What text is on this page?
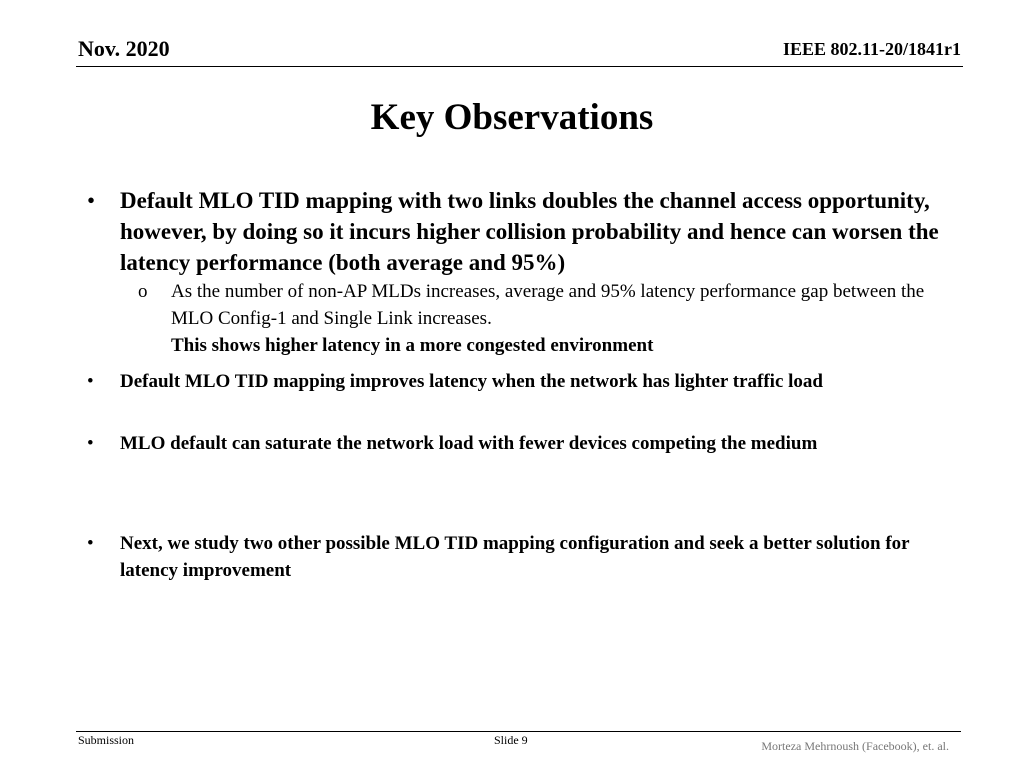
Nov. 2020	IEEE 802.11-20/1841r1
Key Observations
• Default MLO TID mapping with two links doubles the channel access opportunity, however, by doing so it incurs higher collision probability and hence can worsen the latency performance (both average and 95%)
o As the number of non-AP MLDs increases, average and 95% latency performance gap between the MLO Config-1 and Single Link increases.
This shows higher latency in a more congested environment
• Default MLO TID mapping improves latency when the network has lighter traffic load
• MLO default can saturate the network load with fewer devices competing the medium
• Next, we study two other possible MLO TID mapping configuration and seek a better solution for latency improvement
Submission	Slide 9	Morteza Mehrnoush (Facebook), et. al.
